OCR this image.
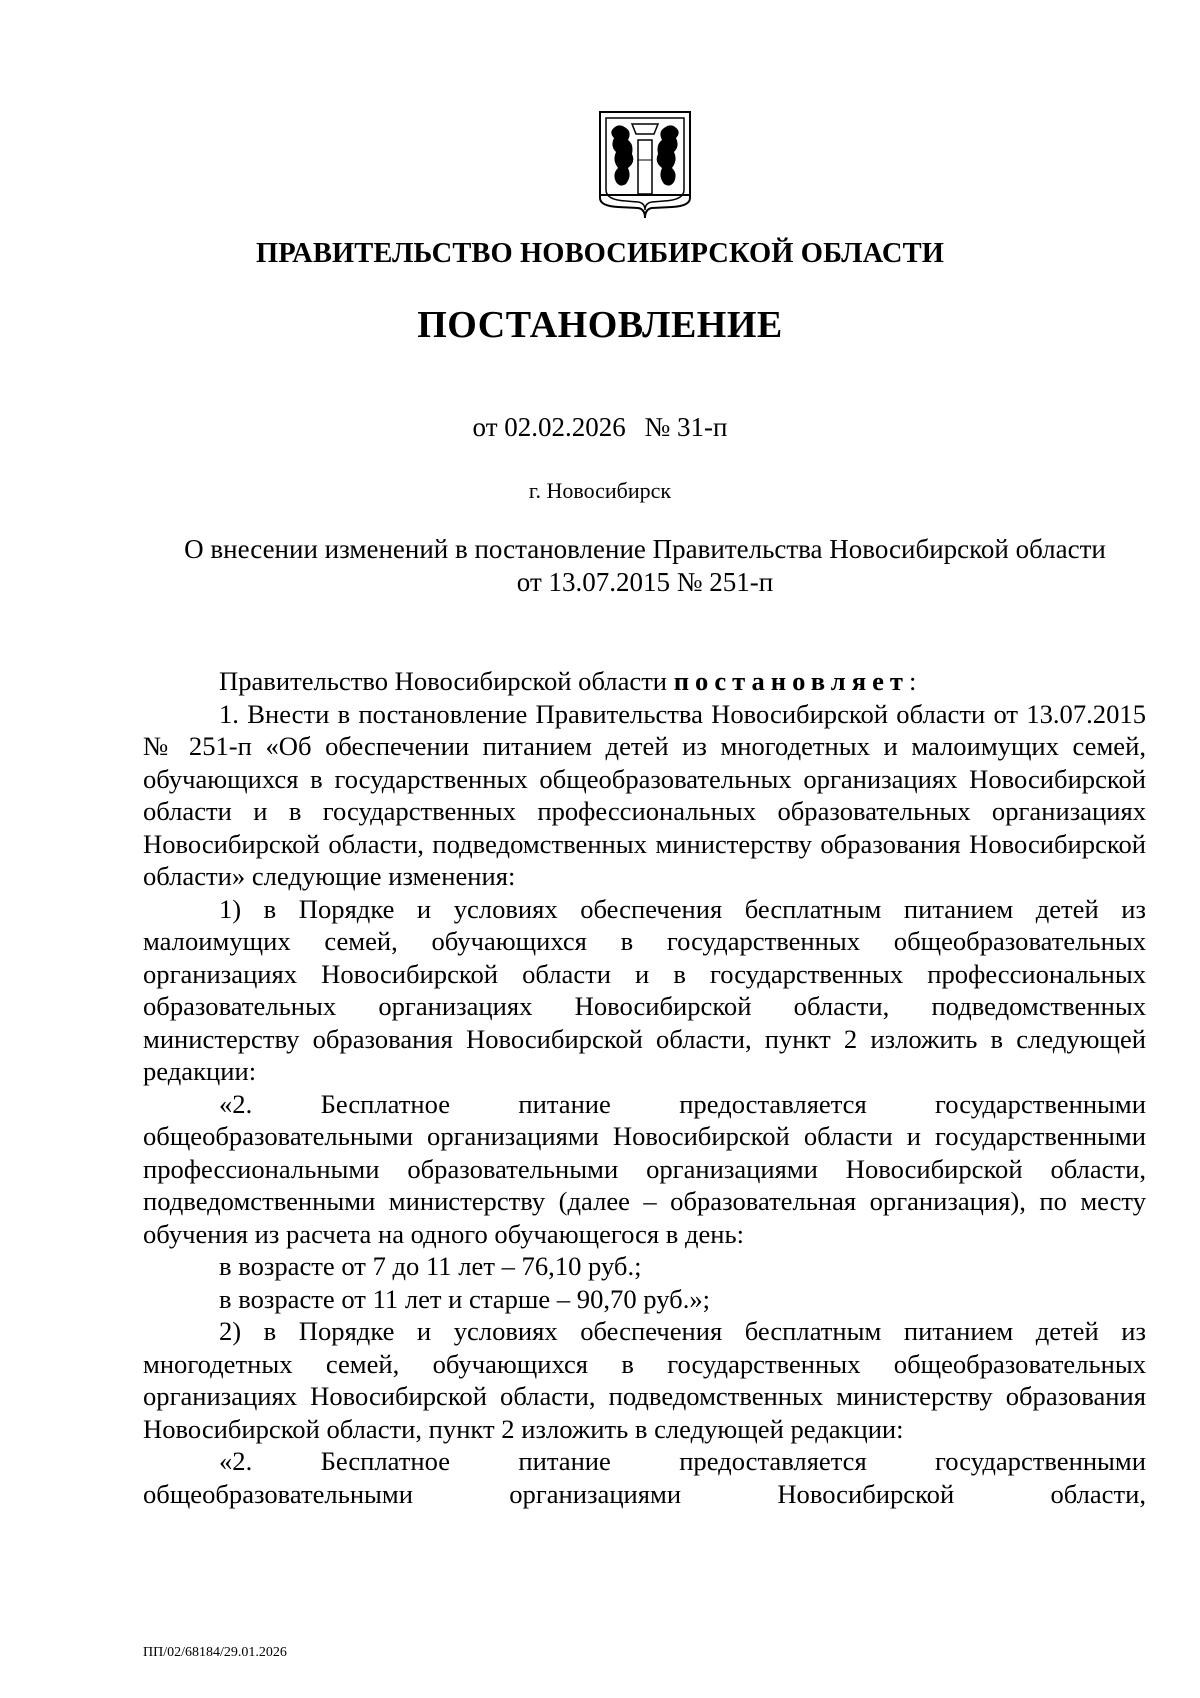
ПРАВИТЕЛЬСТВО НОВОСИБИРСКОЙ ОБЛАСТИ
ПОСТАНОВЛЕНИЕ
от 02.02.2026 № 31-п
г. Новосибирск
О внесении изменений в постановление Правительства Новосибирской области
от 13.07.2015 № 251-п

Правительство Новосибирской области постановляет:

1. Внести в постановление Правительства Новосибирской области от 13.07.2015 № 251-п «Об обеспечении питанием детей из многодетных и малоимущих семей, обучающихся в государственных общеобразовательных организациях Новосибирской области и в государственных профессиональных образовательных организациях Новосибирской области, подведомственных министерству образования Новосибирской области» следующие изменения:

1) в Порядке и условиях обеспечения бесплатным питанием детей из малоимущих семей, обучающихся в государственных общеобразовательных организациях Новосибирской области и в государственных профессиональных образовательных организациях Новосибирской области, подведомственных министерству образования Новосибирской области, пункт 2 изложить в следующей редакции:

«2. Бесплатное питание предоставляется государственными общеобразовательными организациями Новосибирской области и государственными профессиональными образовательными организациями Новосибирской области, подведомственными министерству (далее – образовательная организация), по месту обучения из расчета на одного обучающегося в день:

в возрасте от 7 до 11 лет – 76,10 руб.;

в возрасте от 11 лет и старше – 90,70 руб.»;

2) в Порядке и условиях обеспечения бесплатным питанием детей из многодетных семей, обучающихся в государственных общеобразовательных организациях Новосибирской области, подведомственных министерству образования Новосибирской области, пункт 2 изложить в следующей редакции:

«2. Бесплатное питание предоставляется государственными общеобразовательными организациями Новосибирской области,

ПП/02/68184/29.01.2026
